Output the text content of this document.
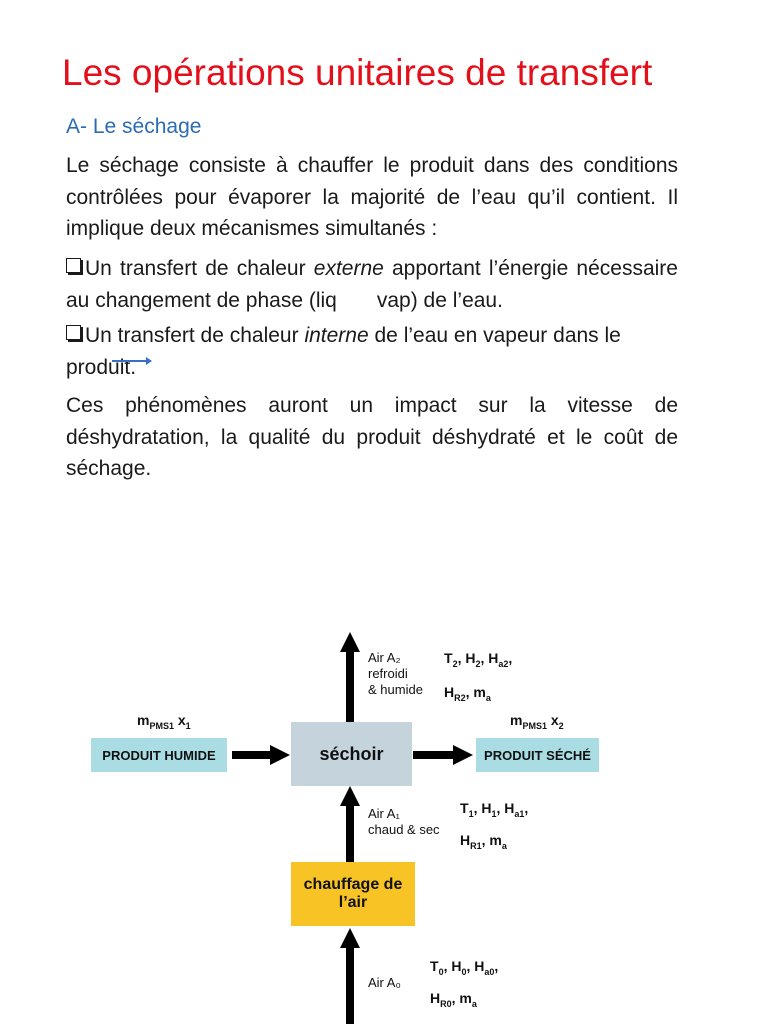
Les opérations unitaires de transfert
A- Le séchage
Le séchage consiste à chauffer le produit dans des conditions contrôlées pour évaporer la majorité de l’eau qu’il contient. Il implique deux mécanismes simultanés :
Un transfert de chaleur externe apportant l’énergie nécessaire au changement de phase (liq vap) de l’eau.
Un transfert de chaleur interne de l’eau en vapeur dans le produit.
Ces phénomènes auront un impact sur la vitesse de déshydratation, la qualité du produit déshydraté et le coût de séchage.
PRODUIT HUMIDE	séchoir	PRODUIT SÉCHÉ
chauffage de
l’air
Air A₂
refroidi
& humide
Air A₁
chaud & sec
Air A₀
$m_{PMS1}$ $x_1$	$m_{PMS1}$ $x_2$
$T_2$, $H_2$, $H_{a2}$,
$H_{R2}$, $m_a$
$T_1$, $H_1$, $H_{a1}$,
$H_{R1}$, $m_a$
$T_0$, $H_0$, $H_{a0}$,
$H_{R0}$, $m_a$
